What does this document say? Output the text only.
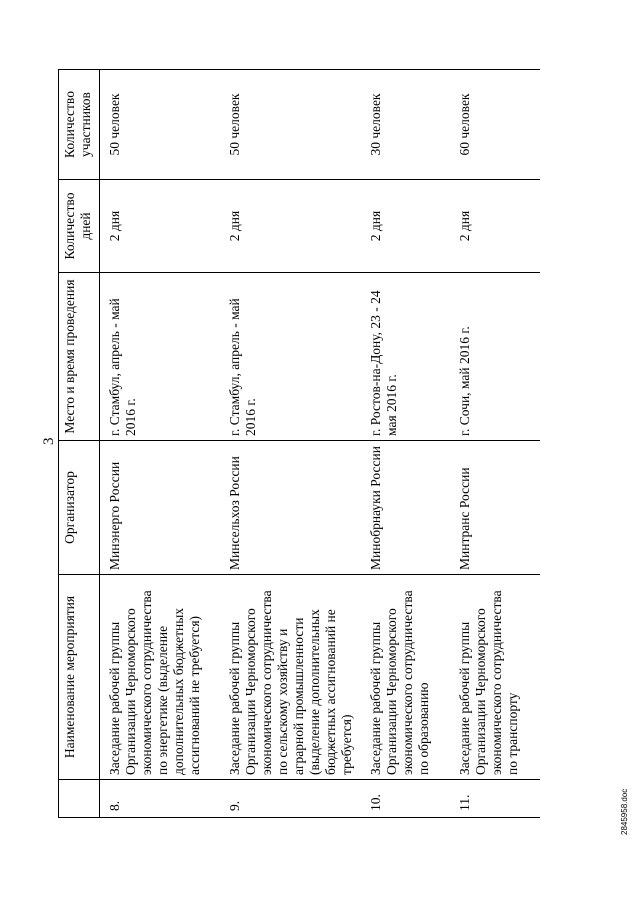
3
	Наименование мероприятия	Организатор	Место и время проведения	Количество дней	Количество участников
8.	Заседание рабочей группы Организации Черноморского экономического сотрудничества по энергетике (выделение дополнительных бюджетных ассигнований не требуется)	Минэнерго России	г. Стамбул, апрель - май 2016 г.	2 дня	50 человек
9.	Заседание рабочей группы Организации Черноморского экономического сотрудничества по сельскому хозяйству и аграрной промышленности (выделение дополнительных бюджетных ассигнований не требуется)	Минсельхоз России	г. Стамбул, апрель - май 2016 г.	2 дня	50 человек
10.	Заседание рабочей группы Организации Черноморского экономического сотрудничества по образованию	Минобрнауки России	г. Ростов-на-Дону, 23 - 24 мая 2016 г.	2 дня	30 человек
11.	Заседание рабочей группы Организации Черноморского экономического сотрудничества по транспорту	Минтранс России	г. Сочи, май 2016 г.	2 дня	60 человек
2845958.doc
